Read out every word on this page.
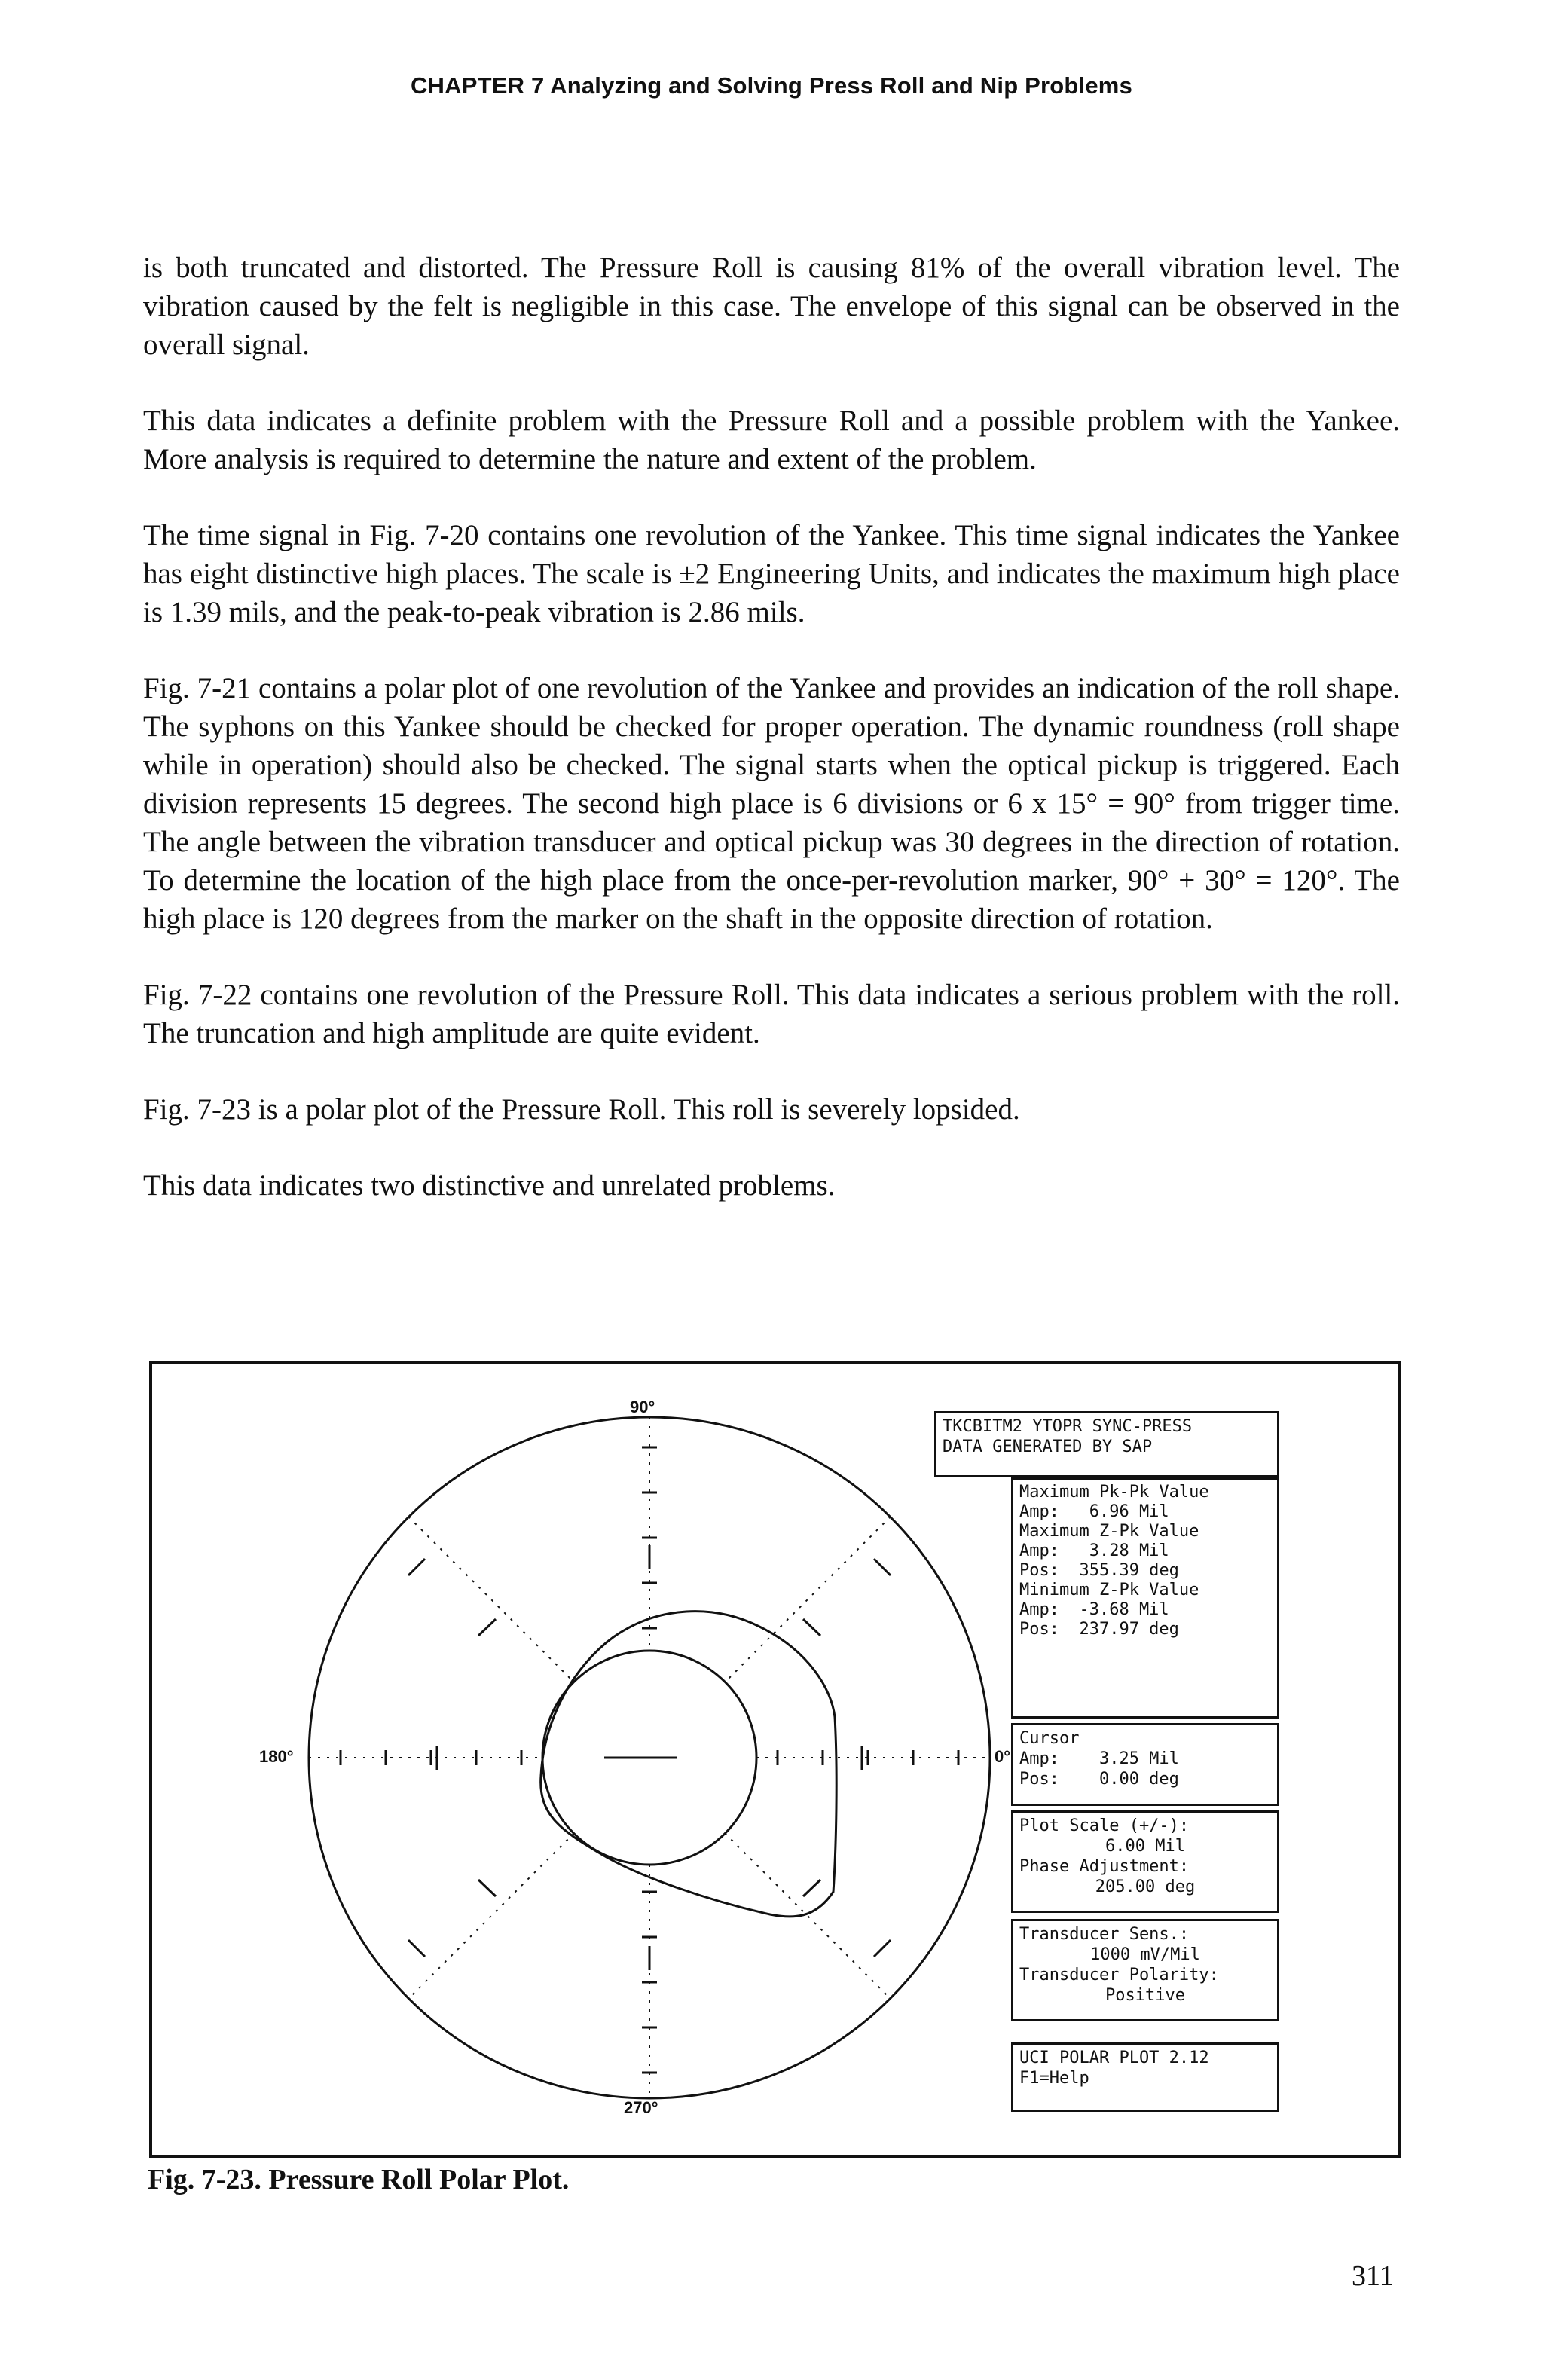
CHAPTER 7 Analyzing and Solving Press Roll and Nip Problems

is both truncated and distorted. The Pressure Roll is causing 81% of the overall vibration level. The vibration caused by the felt is negligible in this case. The envelope of this signal can be observed in the overall signal.

This data indicates a definite problem with the Pressure Roll and a possible problem with the Yankee. More analysis is required to determine the nature and extent of the problem.

The time signal in Fig. 7-20 contains one revolution of the Yankee. This time signal indicates the Yankee has eight distinctive high places. The scale is ±2 Engineering Units, and indicates the maximum high place is 1.39 mils, and the peak-to-peak vibration is 2.86 mils.

Fig. 7-21 contains a polar plot of one revolution of the Yankee and provides an indication of the roll shape. The syphons on this Yankee should be checked for proper operation. The dynamic roundness (roll shape while in operation) should also be checked. The signal starts when the optical pickup is triggered. Each division represents 15 degrees. The second high place is 6 divisions or 6 x 15° = 90° from trigger time. The angle between the vibration transducer and optical pickup was 30 degrees in the direction of rotation. To determine the location of the high place from the once-per-revolution marker, 90° + 30° = 120°. The high place is 120 degrees from the marker on the shaft in the opposite direction of rotation.

Fig. 7-22 contains one revolution of the Pressure Roll. This data indicates a serious problem with the roll. The truncation and high amplitude are quite evident.

Fig. 7-23 is a polar plot of the Pressure Roll. This roll is severely lopsided.

This data indicates two distinctive and unrelated problems.

90°
180°	0°
270°
TKCBITM2 YTOPR SYNC-PRESS
DATA GENERATED BY SAP
Maximum Pk-Pk Value
Amp:   6.96 Mil
Maximum Z-Pk Value
Amp:   3.28 Mil
Pos:  355.39 deg
Minimum Z-Pk Value
Amp:  -3.68 Mil
Pos:  237.97 deg
Cursor
Amp:    3.25 Mil
Pos:    0.00 deg
Plot Scale (+/-):

6.00 Mil
Phase Adjustment:

205.00 deg
Transducer Sens.:

1000 mV/Mil
Transducer Polarity:

Positive
UCI POLAR PLOT 2.12
F1=Help
Fig. 7-23. Pressure Roll Polar Plot.
311
